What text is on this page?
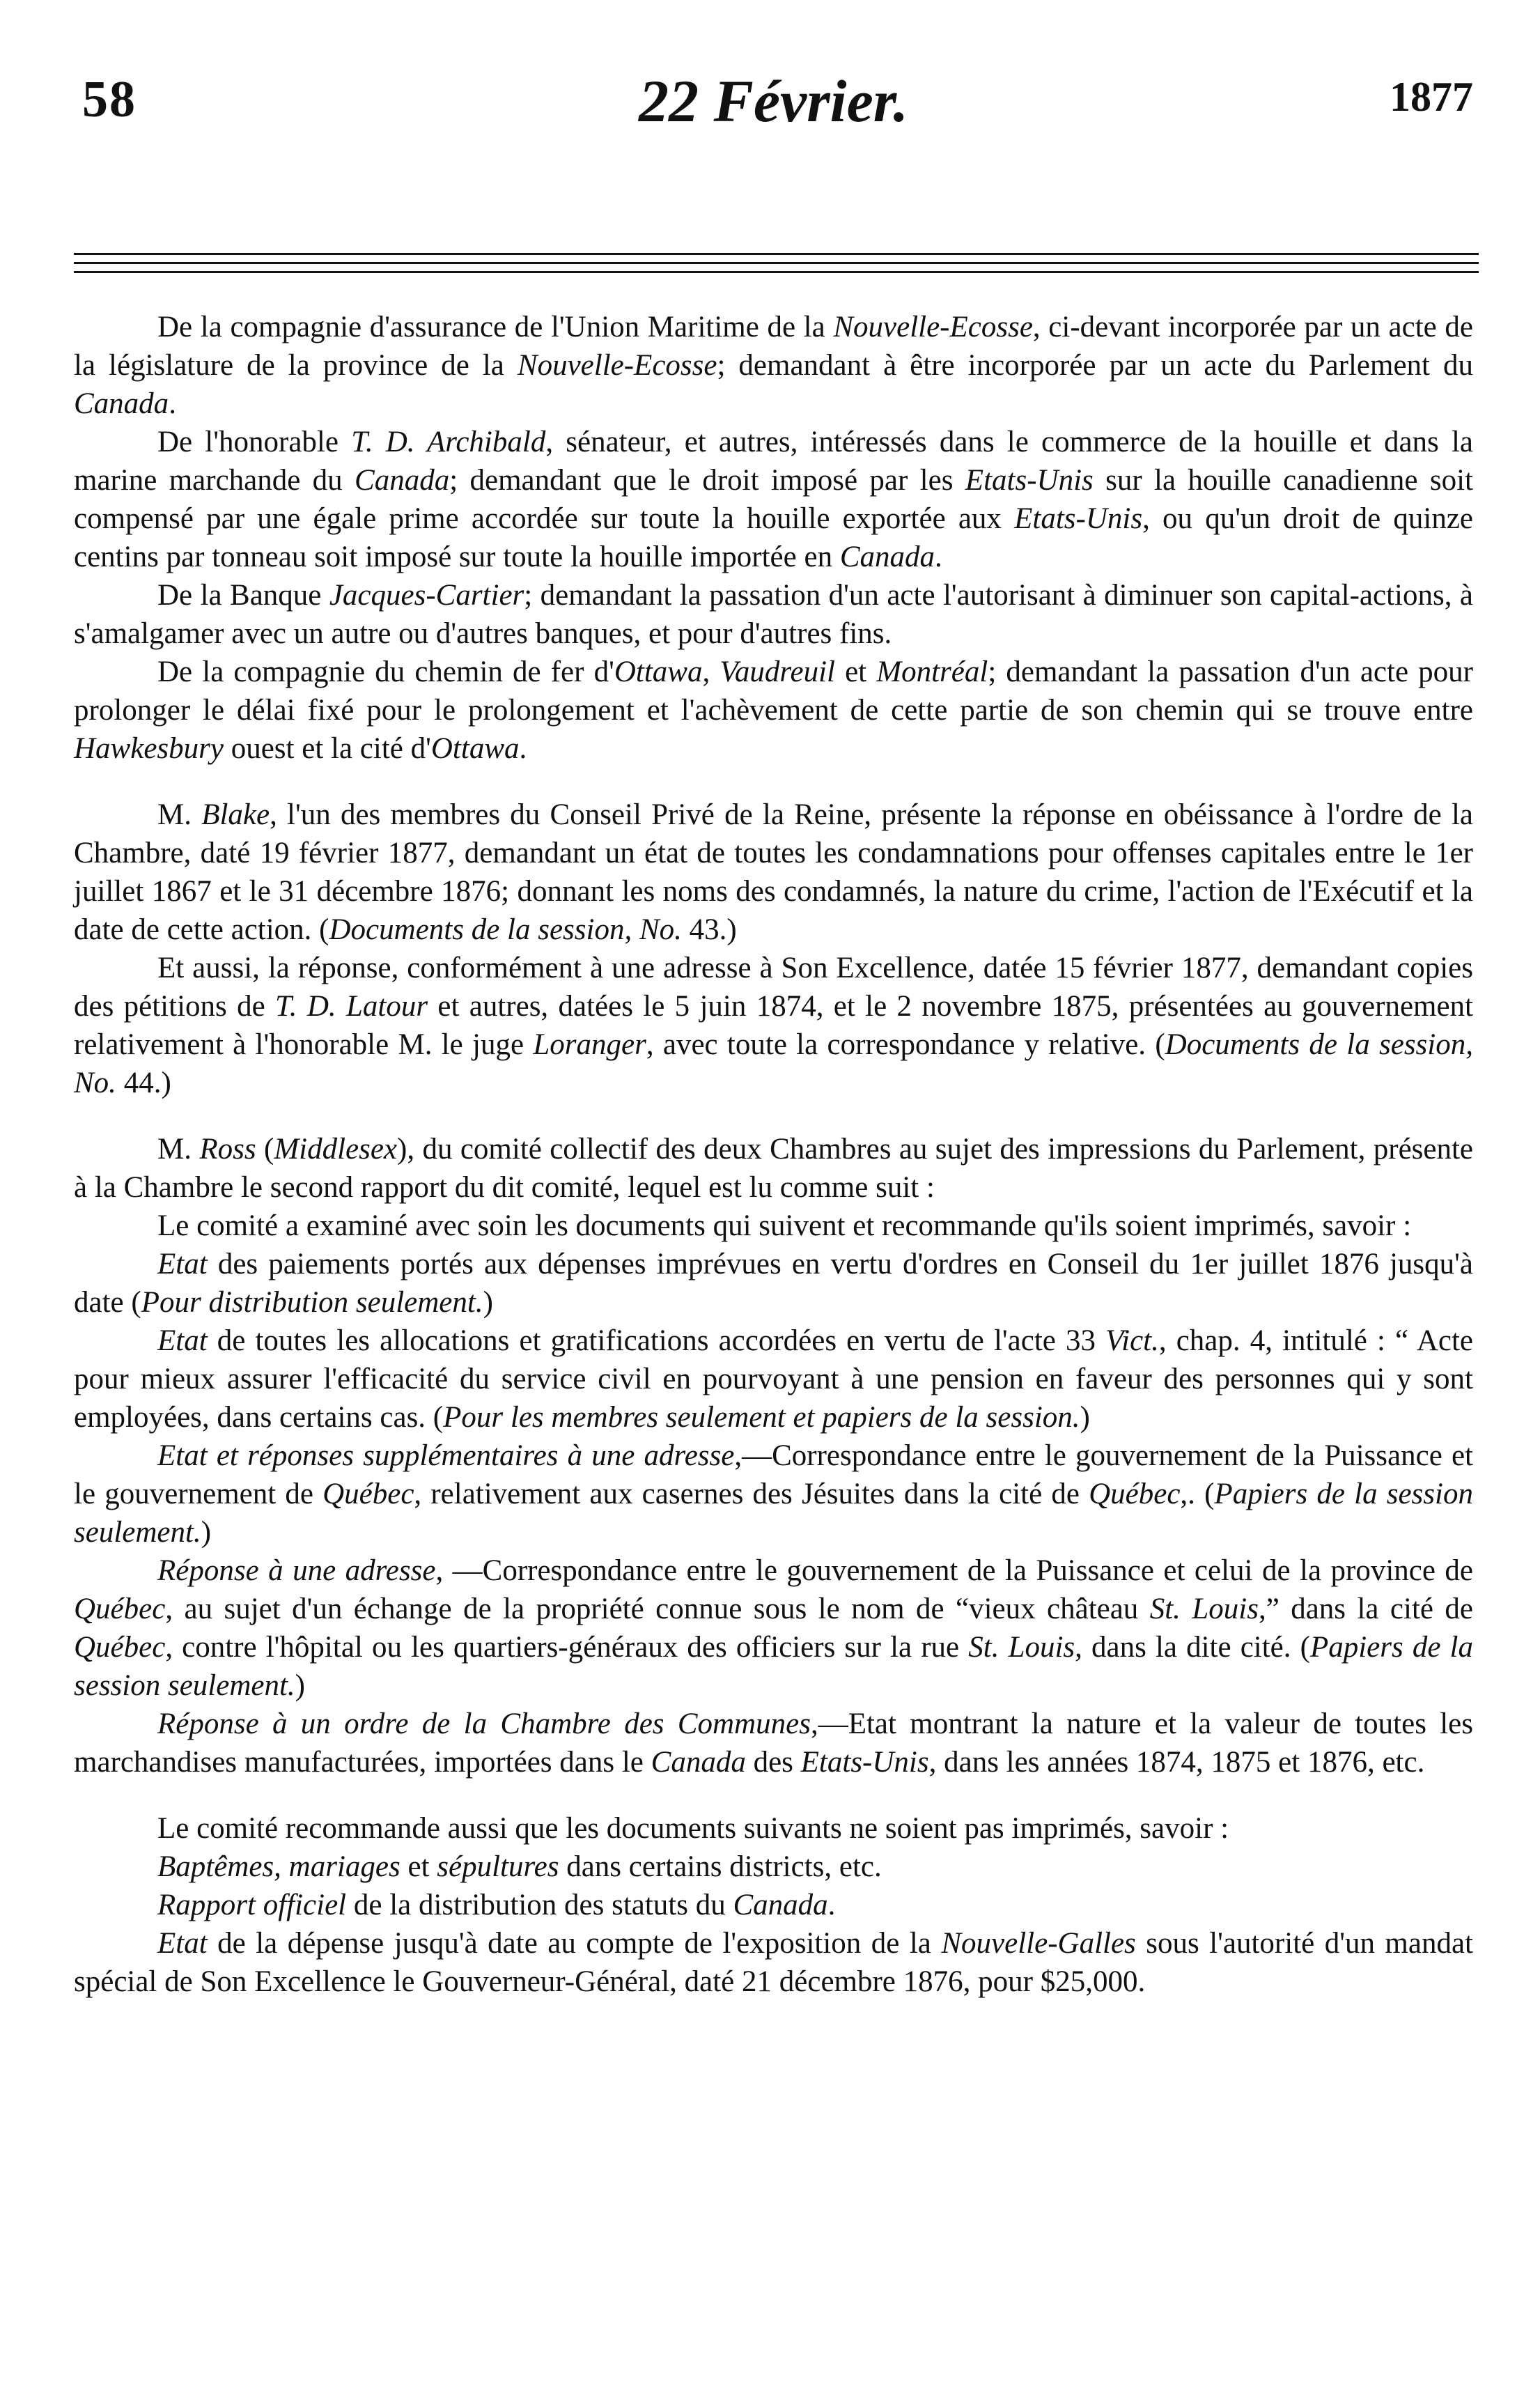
58	22 Février.	1877

De la compagnie d'assurance de l'Union Maritime de la Nouvelle-Ecosse, ci-devant incorporée par un acte de la législature de la province de la Nouvelle-Ecosse; demandant à être incorporée par un acte du Parlement du Canada.

De l'honorable T. D. Archibald, sénateur, et autres, intéressés dans le commerce de la houille et dans la marine marchande du Canada; demandant que le droit imposé par les Etats-Unis sur la houille canadienne soit compensé par une égale prime accordée sur toute la houille exportée aux Etats-Unis, ou qu'un droit de quinze centins par tonneau soit imposé sur toute la houille importée en Canada.

De la Banque Jacques-Cartier; demandant la passation d'un acte l'autorisant à diminuer son capital-actions, à s'amalgamer avec un autre ou d'autres banques, et pour d'autres fins.

De la compagnie du chemin de fer d'Ottawa, Vaudreuil et Montréal; demandant la passation d'un acte pour prolonger le délai fixé pour le prolongement et l'achèvement de cette partie de son chemin qui se trouve entre Hawkesbury ouest et la cité d'Ottawa.

M. Blake, l'un des membres du Conseil Privé de la Reine, présente la réponse en obéissance à l'ordre de la Chambre, daté 19 février 1877, demandant un état de toutes les condamnations pour offenses capitales entre le 1er juillet 1867 et le 31 décembre 1876; donnant les noms des condamnés, la nature du crime, l'action de l'Exécutif et la date de cette action. (Documents de la session, No. 43.)

Et aussi, la réponse, conformément à une adresse à Son Excellence, datée 15 février 1877, demandant copies des pétitions de T. D. Latour et autres, datées le 5 juin 1874, et le 2 novembre 1875, présentées au gouvernement relativement à l'honorable M. le juge Loranger, avec toute la correspondance y relative. (Documents de la session, No. 44.)

M. Ross (Middlesex), du comité collectif des deux Chambres au sujet des impressions du Parlement, présente à la Chambre le second rapport du dit comité, lequel est lu comme suit :

Le comité a examiné avec soin les documents qui suivent et recommande qu'ils soient imprimés, savoir :

Etat des paiements portés aux dépenses imprévues en vertu d'ordres en Conseil du 1er juillet 1876 jusqu'à date (Pour distribution seulement.)

Etat de toutes les allocations et gratifications accordées en vertu de l'acte 33 Vict., chap. 4, intitulé : “ Acte pour mieux assurer l'efficacité du service civil en pourvoyant à une pension en faveur des personnes qui y sont employées, dans certains cas. (Pour les membres seulement et papiers de la session.)

Etat et réponses supplémentaires à une adresse,—Correspondance entre le gouvernement de la Puissance et le gouvernement de Québec, relativement aux casernes des Jésuites dans la cité de Québec,. (Papiers de la session seulement.)

Réponse à une adresse, —Correspondance entre le gouvernement de la Puissance et celui de la province de Québec, au sujet d'un échange de la propriété connue sous le nom de “vieux château St. Louis,” dans la cité de Québec, contre l'hôpital ou les quartiers-généraux des officiers sur la rue St. Louis, dans la dite cité. (Papiers de la session seulement.)

Réponse à un ordre de la Chambre des Communes,—Etat montrant la nature et la valeur de toutes les marchandises manufacturées, importées dans le Canada des Etats-Unis, dans les années 1874, 1875 et 1876, etc.

Le comité recommande aussi que les documents suivants ne soient pas imprimés, savoir :

Baptêmes, mariages et sépultures dans certains districts, etc.

Rapport officiel de la distribution des statuts du Canada.

Etat de la dépense jusqu'à date au compte de l'exposition de la Nouvelle-Galles sous l'autorité d'un mandat spécial de Son Excellence le Gouverneur-Général, daté 21 décembre 1876, pour $25,000.
